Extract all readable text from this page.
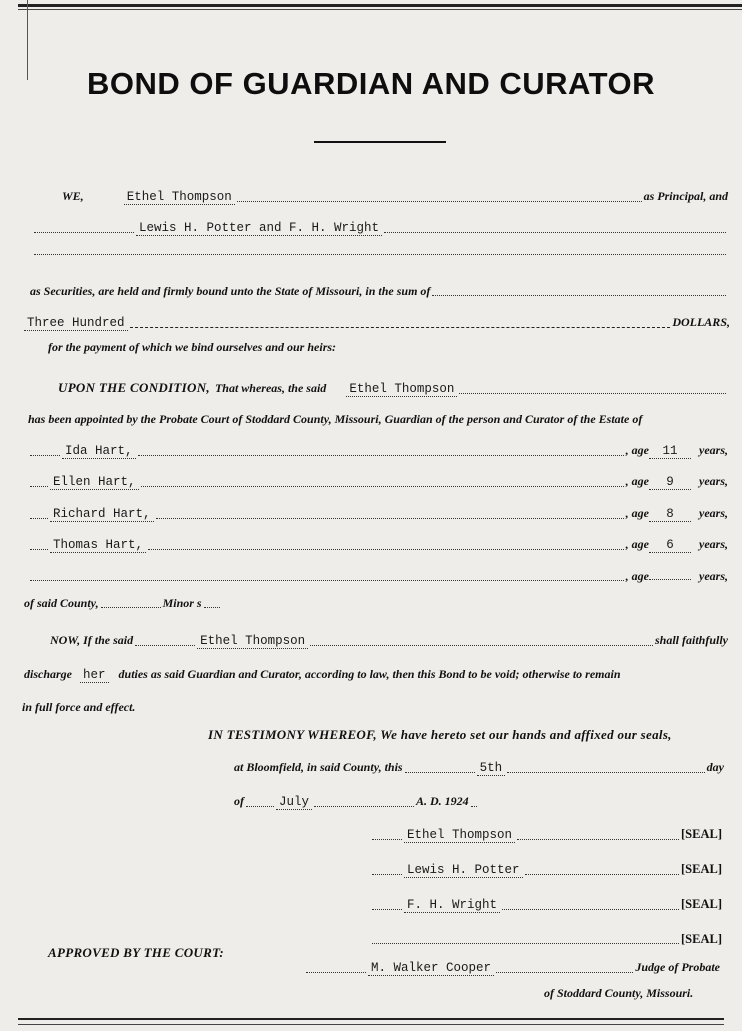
BOND OF GUARDIAN AND CURATOR
WE,	Ethel Thompson	as Principal, and
Lewis H. Potter and F. H. Wright
as Securities, are held and firmly bound unto the State of Missouri, in the sum of
Three Hundred	DOLLARS,
for the payment of which we bind ourselves and our heirs:
UPON THE CONDITION, That whereas, the said Ethel Thompson
has been appointed by the Probate Court of Stoddard County, Missouri, Guardian of the person and Curator of the Estate of
Ida Hart,	, age	11	years,
Ellen Hart,	, age	9	years,
Richard Hart,	, age	8	years,
Thomas Hart,	, age	6	years,
, age	years,
of said County,	Minor s
NOW, If the said	Ethel Thompson	shall faithfully
discharge her duties as said Guardian and Curator, according to law, then this Bond to be void; otherwise to remain
in full force and effect.
IN TESTIMONY WHEREOF, We have hereto set our hands and affixed our seals,
at Bloomfield, in said County, this	5th	day
of	July	A. D. 1924
Ethel Thompson	[SEAL]
Lewis H. Potter	[SEAL]
F. H. Wright	[SEAL]
[SEAL]
APPROVED BY THE COURT:
M. Walker Cooper	Judge of Probate
of Stoddard County, Missouri.
